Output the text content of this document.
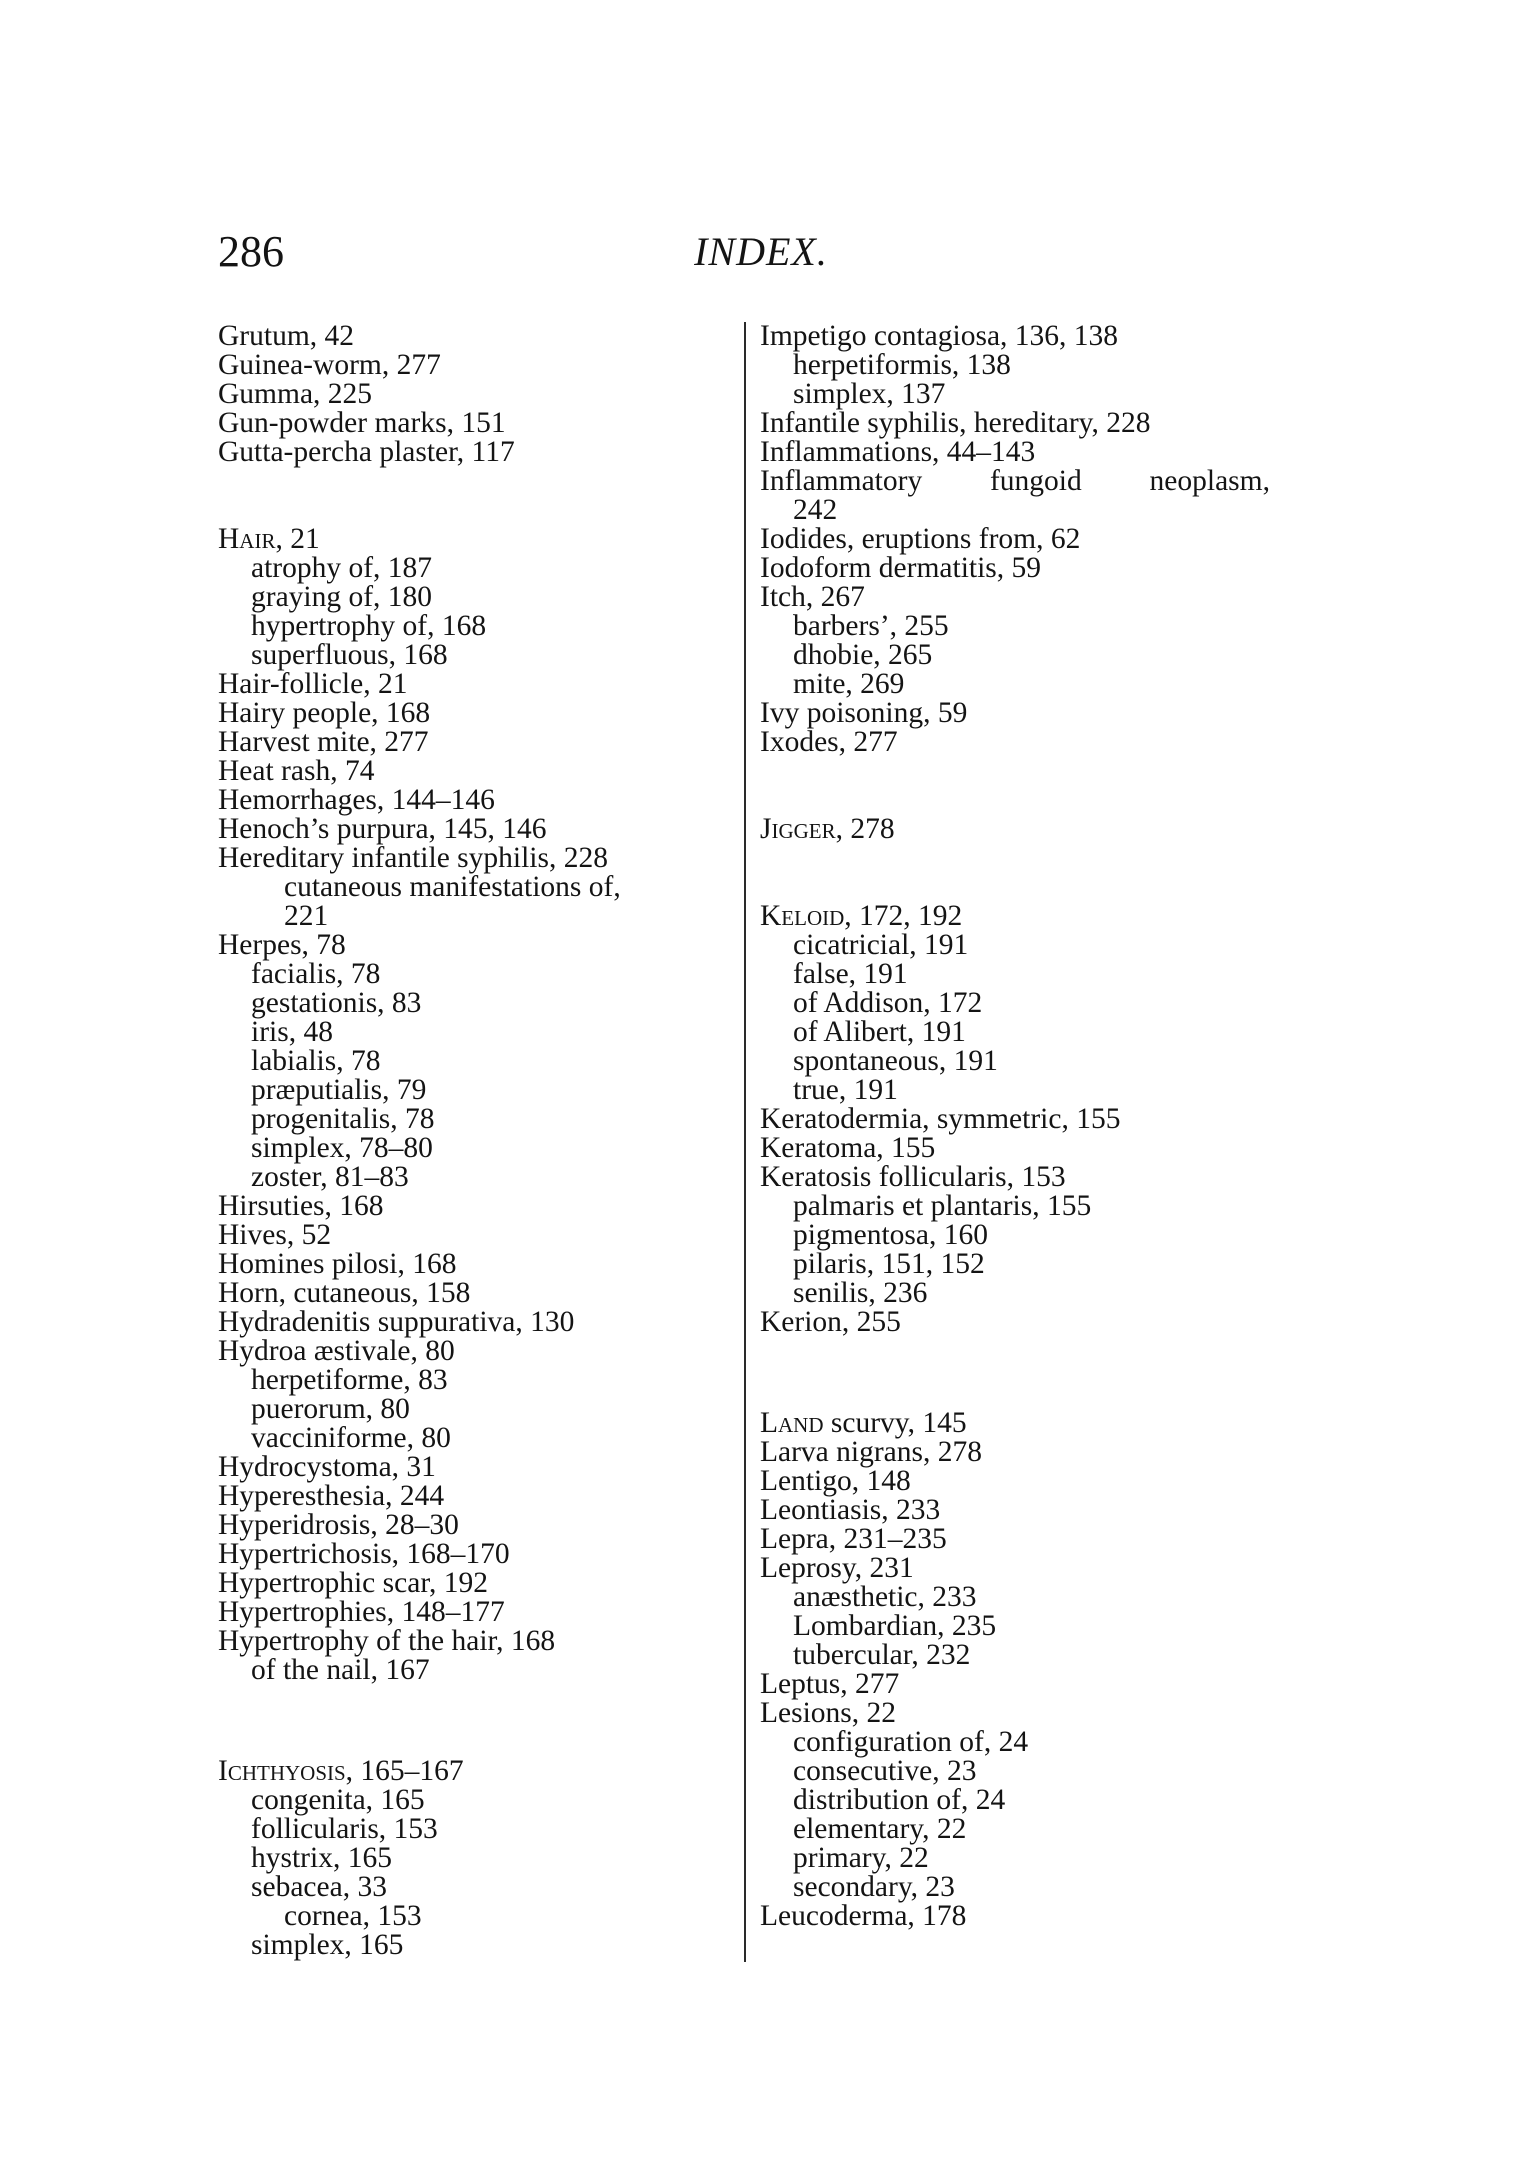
286	INDEX.
Grutum, 42
Guinea-worm, 277
Gumma, 225
Gun-powder marks, 151
Gutta-percha plaster, 117
Hair, 21
atrophy of, 187
graying of, 180
hypertrophy of, 168
superfluous, 168
Hair-follicle, 21
Hairy people, 168
Harvest mite, 277
Heat rash, 74
Hemorrhages, 144–146
Henoch’s purpura, 145, 146
Hereditary infantile syphilis, 228
cutaneous manifestations of,
221
Herpes, 78
facialis, 78
gestationis, 83
iris, 48
labialis, 78
præputialis, 79
progenitalis, 78
simplex, 78–80
zoster, 81–83
Hirsuties, 168
Hives, 52
Homines pilosi, 168
Horn, cutaneous, 158
Hydradenitis suppurativa, 130
Hydroa æstivale, 80
herpetiforme, 83
puerorum, 80
vacciniforme, 80
Hydrocystoma, 31
Hyperesthesia, 244
Hyperidrosis, 28–30
Hypertrichosis, 168–170
Hypertrophic scar, 192
Hypertrophies, 148–177
Hypertrophy of the hair, 168
of the nail, 167
Ichthyosis, 165–167
congenita, 165
follicularis, 153
hystrix, 165
sebacea, 33
cornea, 153
simplex, 165
Impetigo contagiosa, 136, 138
herpetiformis, 138
simplex, 137
Infantile syphilis, hereditary, 228
Inflammations, 44–143
Inflammatory fungoid neoplasm,
242
Iodides, eruptions from, 62
Iodoform dermatitis, 59
Itch, 267
barbers’, 255
dhobie, 265
mite, 269
Ivy poisoning, 59
Ixodes, 277
Jigger, 278
Keloid, 172, 192
cicatricial, 191
false, 191
of Addison, 172
of Alibert, 191
spontaneous, 191
true, 191
Keratodermia, symmetric, 155
Keratoma, 155
Keratosis follicularis, 153
palmaris et plantaris, 155
pigmentosa, 160
pilaris, 151, 152
senilis, 236
Kerion, 255
Land scurvy, 145
Larva nigrans, 278
Lentigo, 148
Leontiasis, 233
Lepra, 231–235
Leprosy, 231
anæsthetic, 233
Lombardian, 235
tubercular, 232
Leptus, 277
Lesions, 22
configuration of, 24
consecutive, 23
distribution of, 24
elementary, 22
primary, 22
secondary, 23
Leucoderma, 178
